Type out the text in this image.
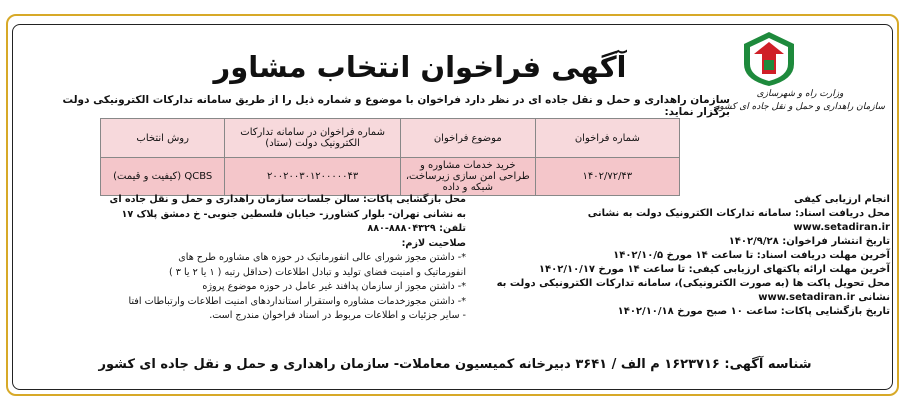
وزارت راه و شهرسازی
سازمان راهداری و حمل و نقل جاده ای کشور
آگهی فراخوان انتخاب مشاور
سازمان راهداری و حمل و نقل جاده ای در نظر دارد فراخوان با موضوع و شماره ذیل را از طریق سامانه تدارکات الکترونیکی دولت برگزار نماید:
شماره فراخوان	موضوع فراخوان	شماره فراخوان در سامانه تدارکات الکترونیک دولت (ستاد)	روش انتخاب
۱۴۰۲/۷۲/۴۳	خرید خدمات مشاوره و طراحی امن سازی زیرساخت، شبکه و داده	۲۰۰۲۰۰۳۰۱۲۰۰۰۰۰۴۳	QCBS (کیفیت و قیمت)
انجام ارزیابی کیفی
محل دریافت اسناد: سامانه تدارکات الکترونیک دولت به نشانی
www.setadiran.ir
تاریخ انتشار فراخوان: ۱۴۰۲/۹/۲۸
آخرین مهلت دریافت اسناد: تا ساعت ۱۴ مورخ ۱۴۰۲/۱۰/۵
آخرین مهلت ارائه پاکتهای ارزیابی کیفی: تا ساعت ۱۴ مورخ ۱۴۰۲/۱۰/۱۷
محل تحویل پاکت ها (به صورت الکترونیکی)، سامانه تدارکات الکترونیکی دولت به
نشانی www.setadiran.ir
تاریخ بازگشایی پاکات: ساعت ۱۰ صبح مورخ ۱۴۰۲/۱۰/۱۸
محل بازگشایی پاکات: سالن جلسات سازمان راهداری و حمل و نقل جاده ای
به نشانی تهران- بلوار کشاورز- خیابان فلسطین جنوبی- خ دمشق پلاک ۱۷
تلفن: ۸۸۸۰۴۳۲۹-۸۸۰
صلاحیت لازم:
*- داشتن مجوز شورای عالی انفورماتیک در حوزه های مشاوره طرح های
انفورماتیک و امنیت فضای تولید و تبادل اطلاعات (حداقل رتبه ( ۱ یا ۲ یا ۳ )
*- داشتن مجوز از سازمان پدافند غیر عامل در حوزه موضوع پروژه
*- داشتن مجوزخدمات مشاوره واستقرار استانداردهای امنیت اطلاعات وارتباطات افتا
- سایر جزئیات و اطلاعات مربوط در اسناد فراخوان مندرج است.
شناسه آگهی: ۱۶۲۳۷۱۶ م الف / ۳۶۴۱ دبیرخانه کمیسیون معاملات- سازمان راهداری و حمل و نقل جاده ای کشور
